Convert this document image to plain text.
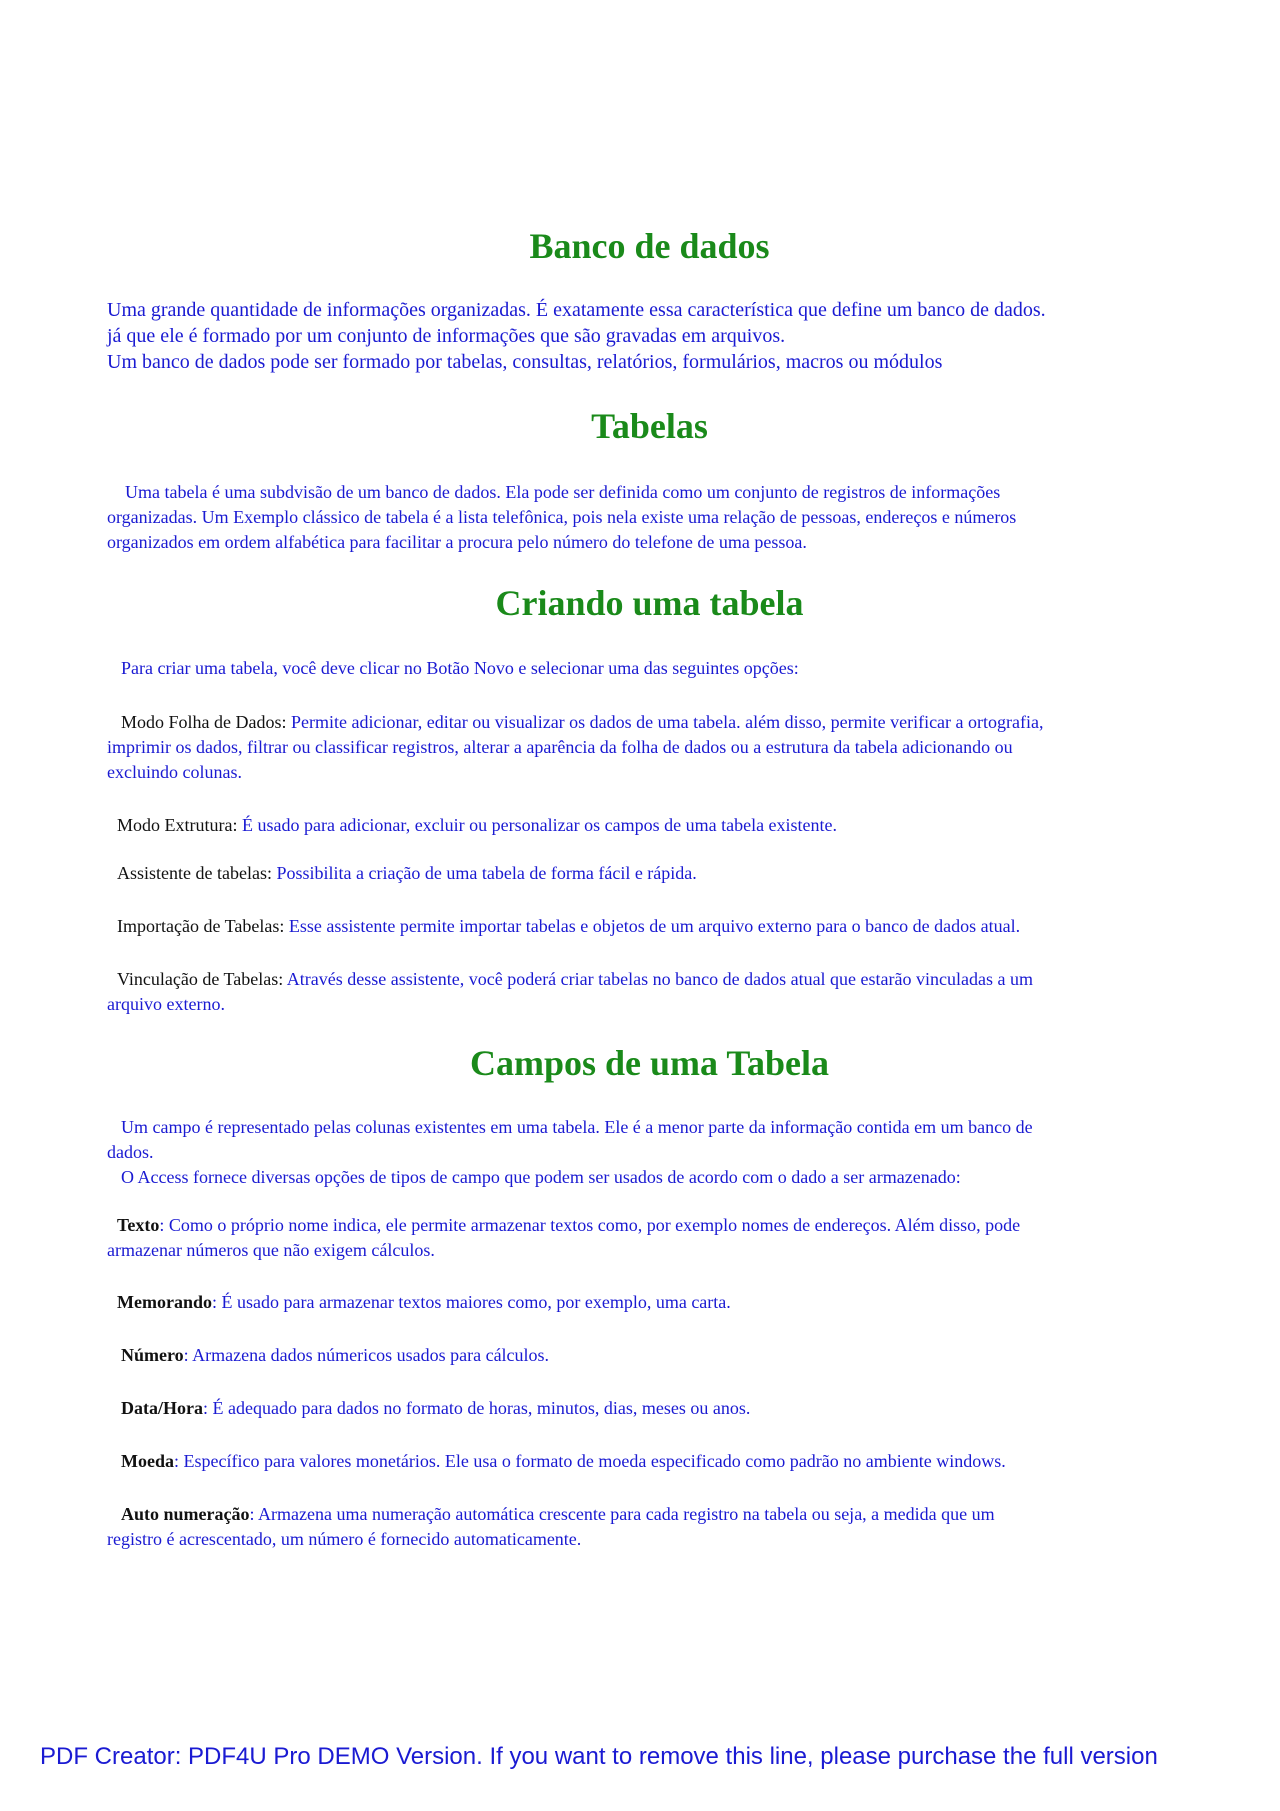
Banco de dados
Uma grande quantidade de informações organizadas. É exatamente essa característica que define um banco de dados.
já que ele é formado por um conjunto de informações que são gravadas em arquivos.
Um banco de dados pode ser formado por tabelas, consultas, relatórios, formulários, macros ou módulos
Tabelas
Uma tabela é uma subdvisão de um banco de dados. Ela pode ser definida como um conjunto de registros de informações
organizadas. Um Exemplo clássico de tabela é a lista telefônica, pois nela existe uma relação de pessoas, endereços e números
organizados em ordem alfabética para facilitar a procura pelo número do telefone de uma pessoa.
Criando uma tabela
Para criar uma tabela, você deve clicar no Botão Novo e selecionar uma das seguintes opções:
Modo Folha de Dados: Permite adicionar, editar ou visualizar os dados de uma tabela. além disso, permite verificar a ortografia,
imprimir os dados, filtrar ou classificar registros, alterar a aparência da folha de dados ou a estrutura da tabela adicionando ou
excluindo colunas.
Modo Extrutura: É usado para adicionar, excluir ou personalizar os campos de uma tabela existente.
Assistente de tabelas: Possibilita a criação de uma tabela de forma fácil e rápida.
Importação de Tabelas: Esse assistente permite importar tabelas e objetos de um arquivo externo para o banco de dados atual.
Vinculação de Tabelas: Através desse assistente, você poderá criar tabelas no banco de dados atual que estarão vinculadas a um
arquivo externo.
Campos de uma Tabela
Um campo é representado pelas colunas existentes em uma tabela. Ele é a menor parte da informação contida em um banco de
dados.
O Access fornece diversas opções de tipos de campo que podem ser usados de acordo com o dado a ser armazenado:
Texto: Como o próprio nome indica, ele permite armazenar textos como, por exemplo nomes de endereços. Além disso, pode
armazenar números que não exigem cálculos.
Memorando: É usado para armazenar textos maiores como, por exemplo, uma carta.
Número: Armazena dados númericos usados para cálculos.
Data/Hora: É adequado para dados no formato de horas, minutos, dias, meses ou anos.
Moeda: Específico para valores monetários. Ele usa o formato de moeda especificado como padrão no ambiente windows.
Auto numeração: Armazena uma numeração automática crescente para cada registro na tabela ou seja, a medida que um
registro é acrescentado, um número é fornecido automaticamente.
PDF Creator: PDF4U Pro DEMO Version. If you want to remove this line, please purchase the full version
